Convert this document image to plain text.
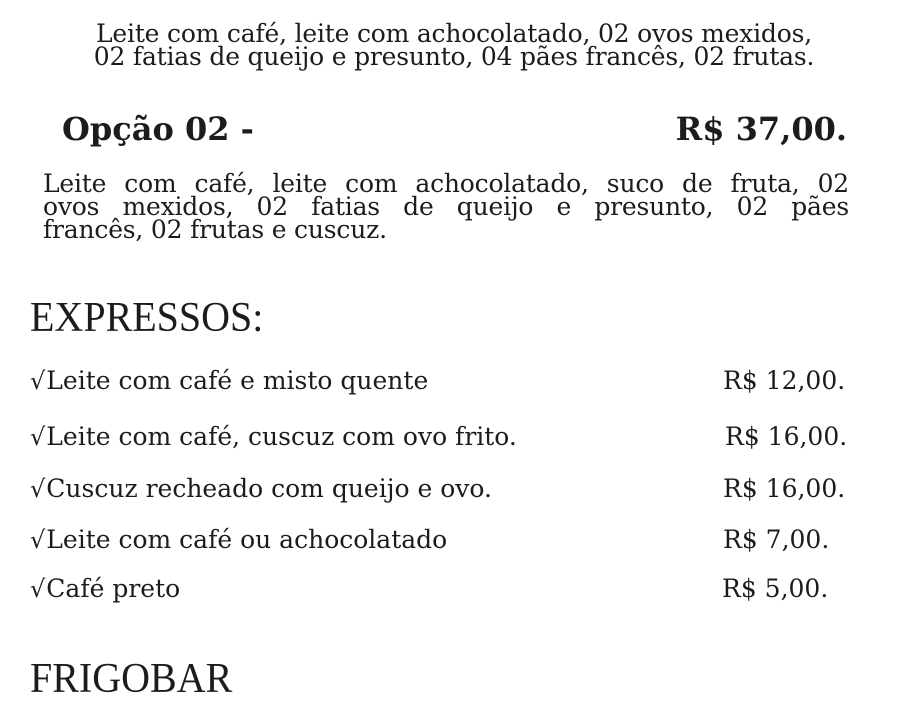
Leite com café, leite com achocolatado, 02 ovos mexidos,
02 fatias de queijo e presunto, 04 pães francês, 02 frutas.
Opção 02 -	R$ 37,00.
Leite com café, leite com achocolatado, suco de fruta, 02
ovos mexidos, 02 fatias de queijo e presunto, 02 pães
francês, 02 frutas e cuscuz.
EXPRESSOS:
√ Leite com café e misto quente	R$ 12,00.
√ Leite com café, cuscuz com ovo frito.	R$ 16,00.
√ Cuscuz recheado com queijo e ovo.	R$ 16,00.
√ Leite com café ou achocolatado	R$ 7,00.
√ Café preto	R$ 5,00.
FRIGOBAR
